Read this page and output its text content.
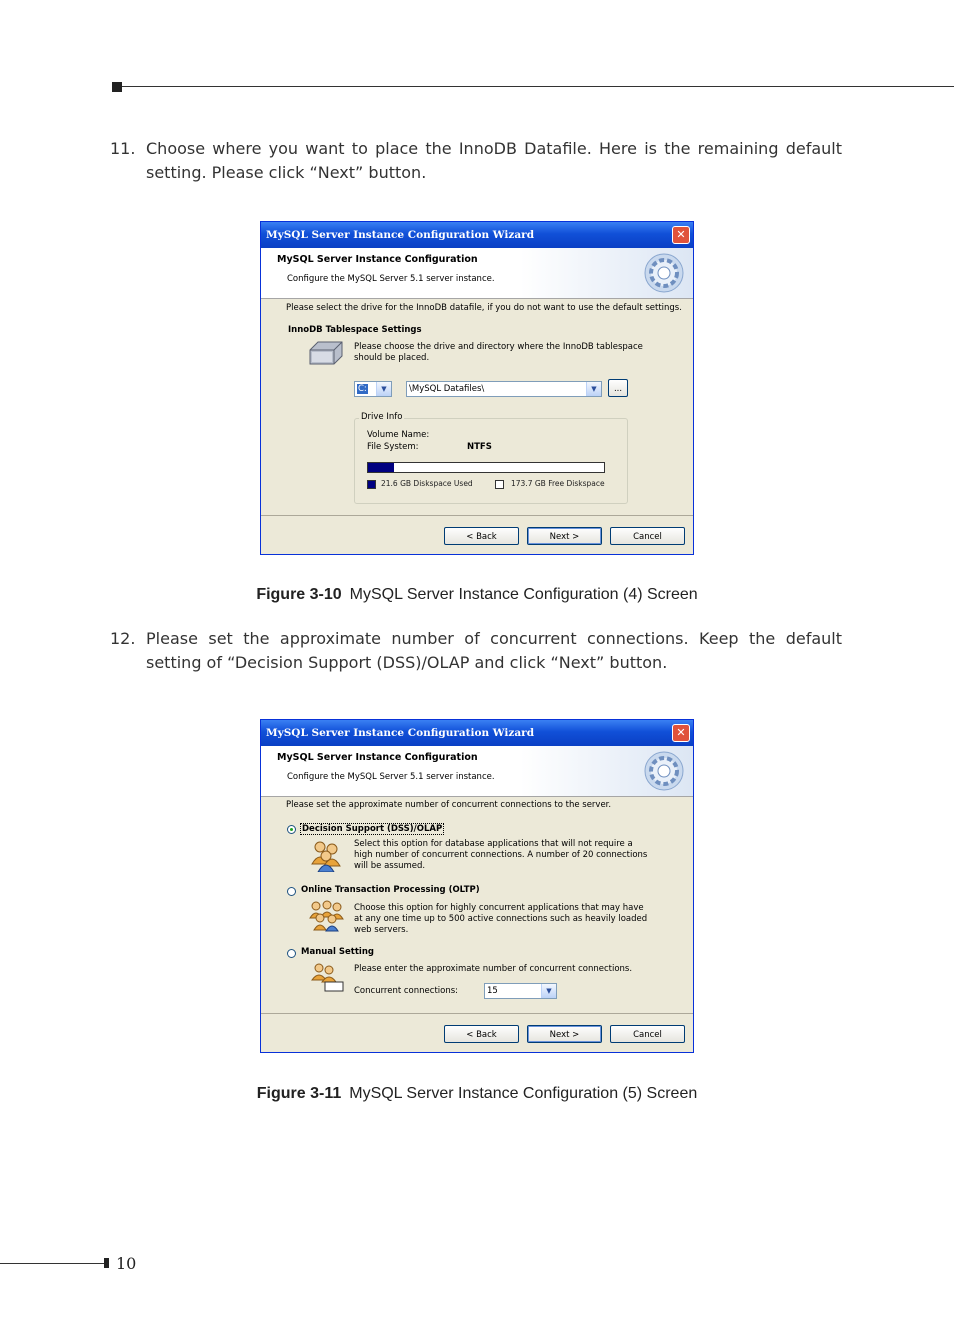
11. Choose where you want to place the InnoDB Datafile. Here is the remaining default setting. Please click “Next” button.
MySQL Server Instance Configuration Wizard	✕
MySQL Server Instance Configuration
Configure the MySQL Server 5.1 server instance.
Please select the drive for the InnoDB datafile, if you do not want to use the default settings.
InnoDB Tablespace Settings
Please choose the drive and directory where the InnoDB tablespace
should be placed.
C:	▼	\MySQL Datafiles\	▼	...
Drive Info
Volume Name:
File System:	NTFS
21.6 GB Diskspace Used	173.7 GB Free Diskspace
< Back	Next >	Cancel
Figure 3-10 MySQL Server Instance Configuration (4) Screen
12. Please set the approximate number of concurrent connections. Keep the default setting of “Decision Support (DSS)/OLAP and click “Next” button.
MySQL Server Instance Configuration Wizard	✕
MySQL Server Instance Configuration
Configure the MySQL Server 5.1 server instance.
Please set the approximate number of concurrent connections to the server.
Decision Support (DSS)/OLAP
Select this option for database applications that will not require a
high number of concurrent connections. A number of 20 connections
will be assumed.
Online Transaction Processing (OLTP)
Choose this option for highly concurrent applications that may have
at any one time up to 500 active connections such as heavily loaded
web servers.
Manual Setting
Please enter the approximate number of concurrent connections.
Concurrent connections:	15	▼
< Back	Next >	Cancel
Figure 3-11 MySQL Server Instance Configuration (5) Screen
10
